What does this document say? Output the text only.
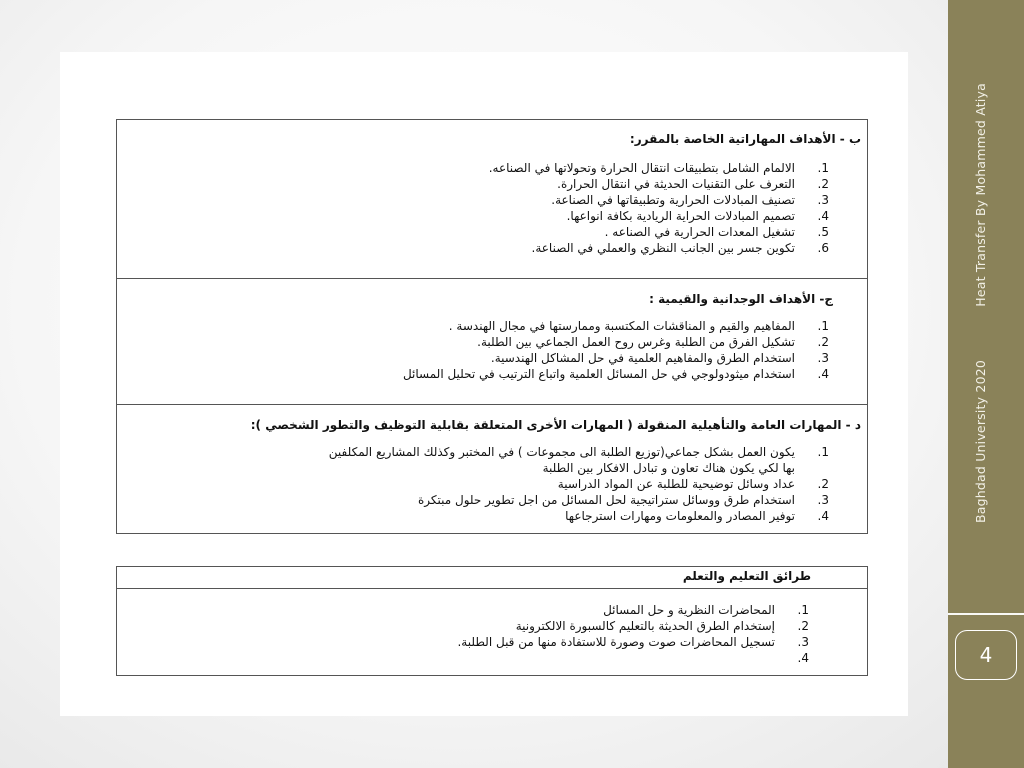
ب - الأهداف المهاراتية الخاصة بالمقرر:
1.
الالمام الشامل بتطبيقات انتقال الحرارة وتحولاتها في الصناعه.
2.
التعرف على التقنيات الحديثة في انتقال الحرارة.
3.
تصنيف المبادلات الحرارية وتطبيقاتها في الصناعة.
4.
تصميم المبادلات الحراية الريادية بكافة انواعها.
5.
تشغيل المعدات الحرارية في الصناعه .
6.
تكوين جسر بين الجانب النظري والعملي في الصناعة.
ج- الأهداف الوجدانية والقيمية :
1.
المفاهيم والقيم و المناقشات المكتسبة وممارستها في مجال الهندسة .
2.
تشكيل الفرق من الطلبة وغرس روح العمل الجماعي بين الطلبة.
3.
استخدام الطرق والمفاهيم العلمية في حل المشاكل الهندسية.
4.
استخدام ميثودولوجي في حل المسائل العلمية واتباع الترتيب في تحليل المسائل
د - المهارات العامة والتأهيلية المنقولة ( المهارات الأخرى المتعلقة بقابلية التوظيف والتطور الشخصي ):
1.
يكون العمل بشكل جماعي(توزيع الطلبة الى مجموعات ) في المختبر وكذلك المشاريع المكلفين
بها لكي يكون هناك تعاون و تبادل الافكار بين الطلبة
2.
عداد وسائل توضيحية للطلبة عن المواد الدراسية
3.
استخدام طرق ووسائل ستراتيجية لحل المسائل من اجل تطوير حلول مبتكرة
4.
توفير المصادر والمعلومات ومهارات استرجاعها
طرائق التعليم والتعلم
1.
المحاضرات النظرية و حل المسائل
2.
إستخدام الطرق الحديثة بالتعليم كالسبورة الالكترونية
3.
تسجيل المحاضرات صوت وصورة للاستفادة منها من قبل الطلبة.
4.
Baghdad University 2020
Heat Transfer By Mohammed Atiya
4
